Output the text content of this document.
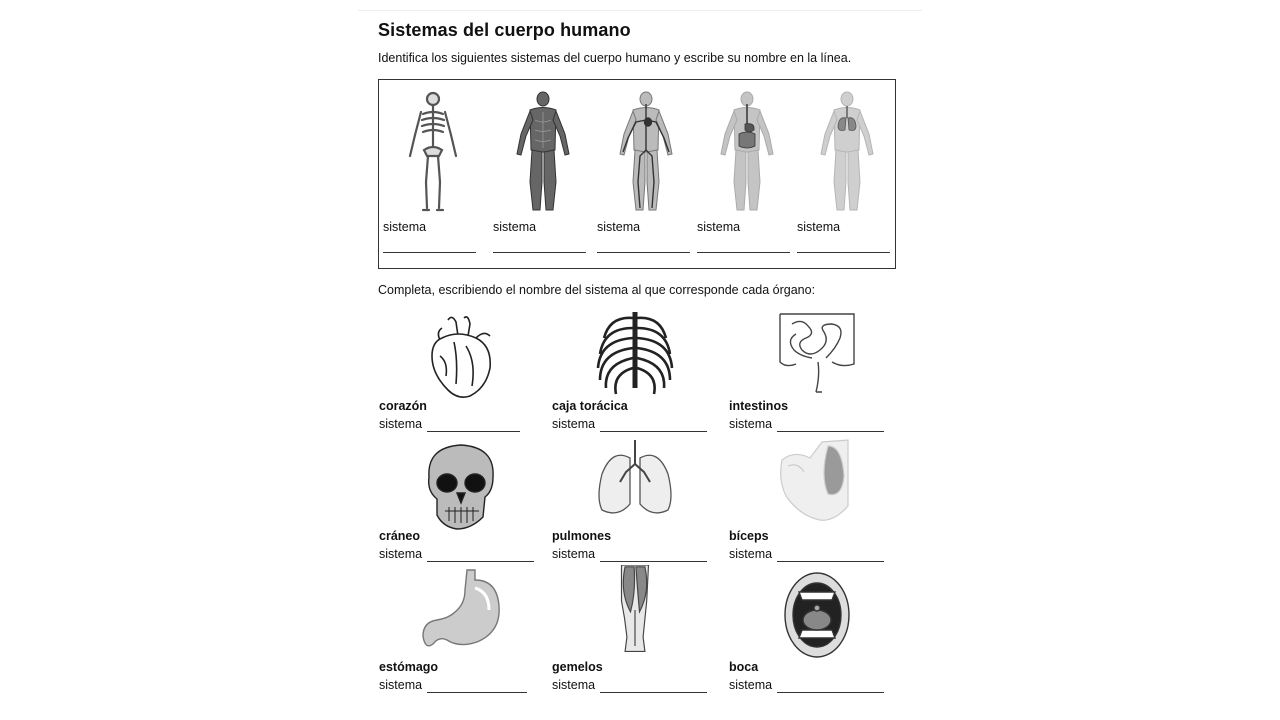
Sistemas del cuerpo humano
Identifica los siguientes sistemas del cuerpo humano y escribe su nombre en la línea.
sistema	sistema	sistema	sistema	sistema
Completa, escribiendo el nombre del sistema al que corresponde cada órgano:
corazón
sistema
caja torácica
sistema
intestinos
sistema
cráneo
sistema
pulmones
sistema
bíceps
sistema
estómago
sistema
gemelos
sistema
boca
sistema
